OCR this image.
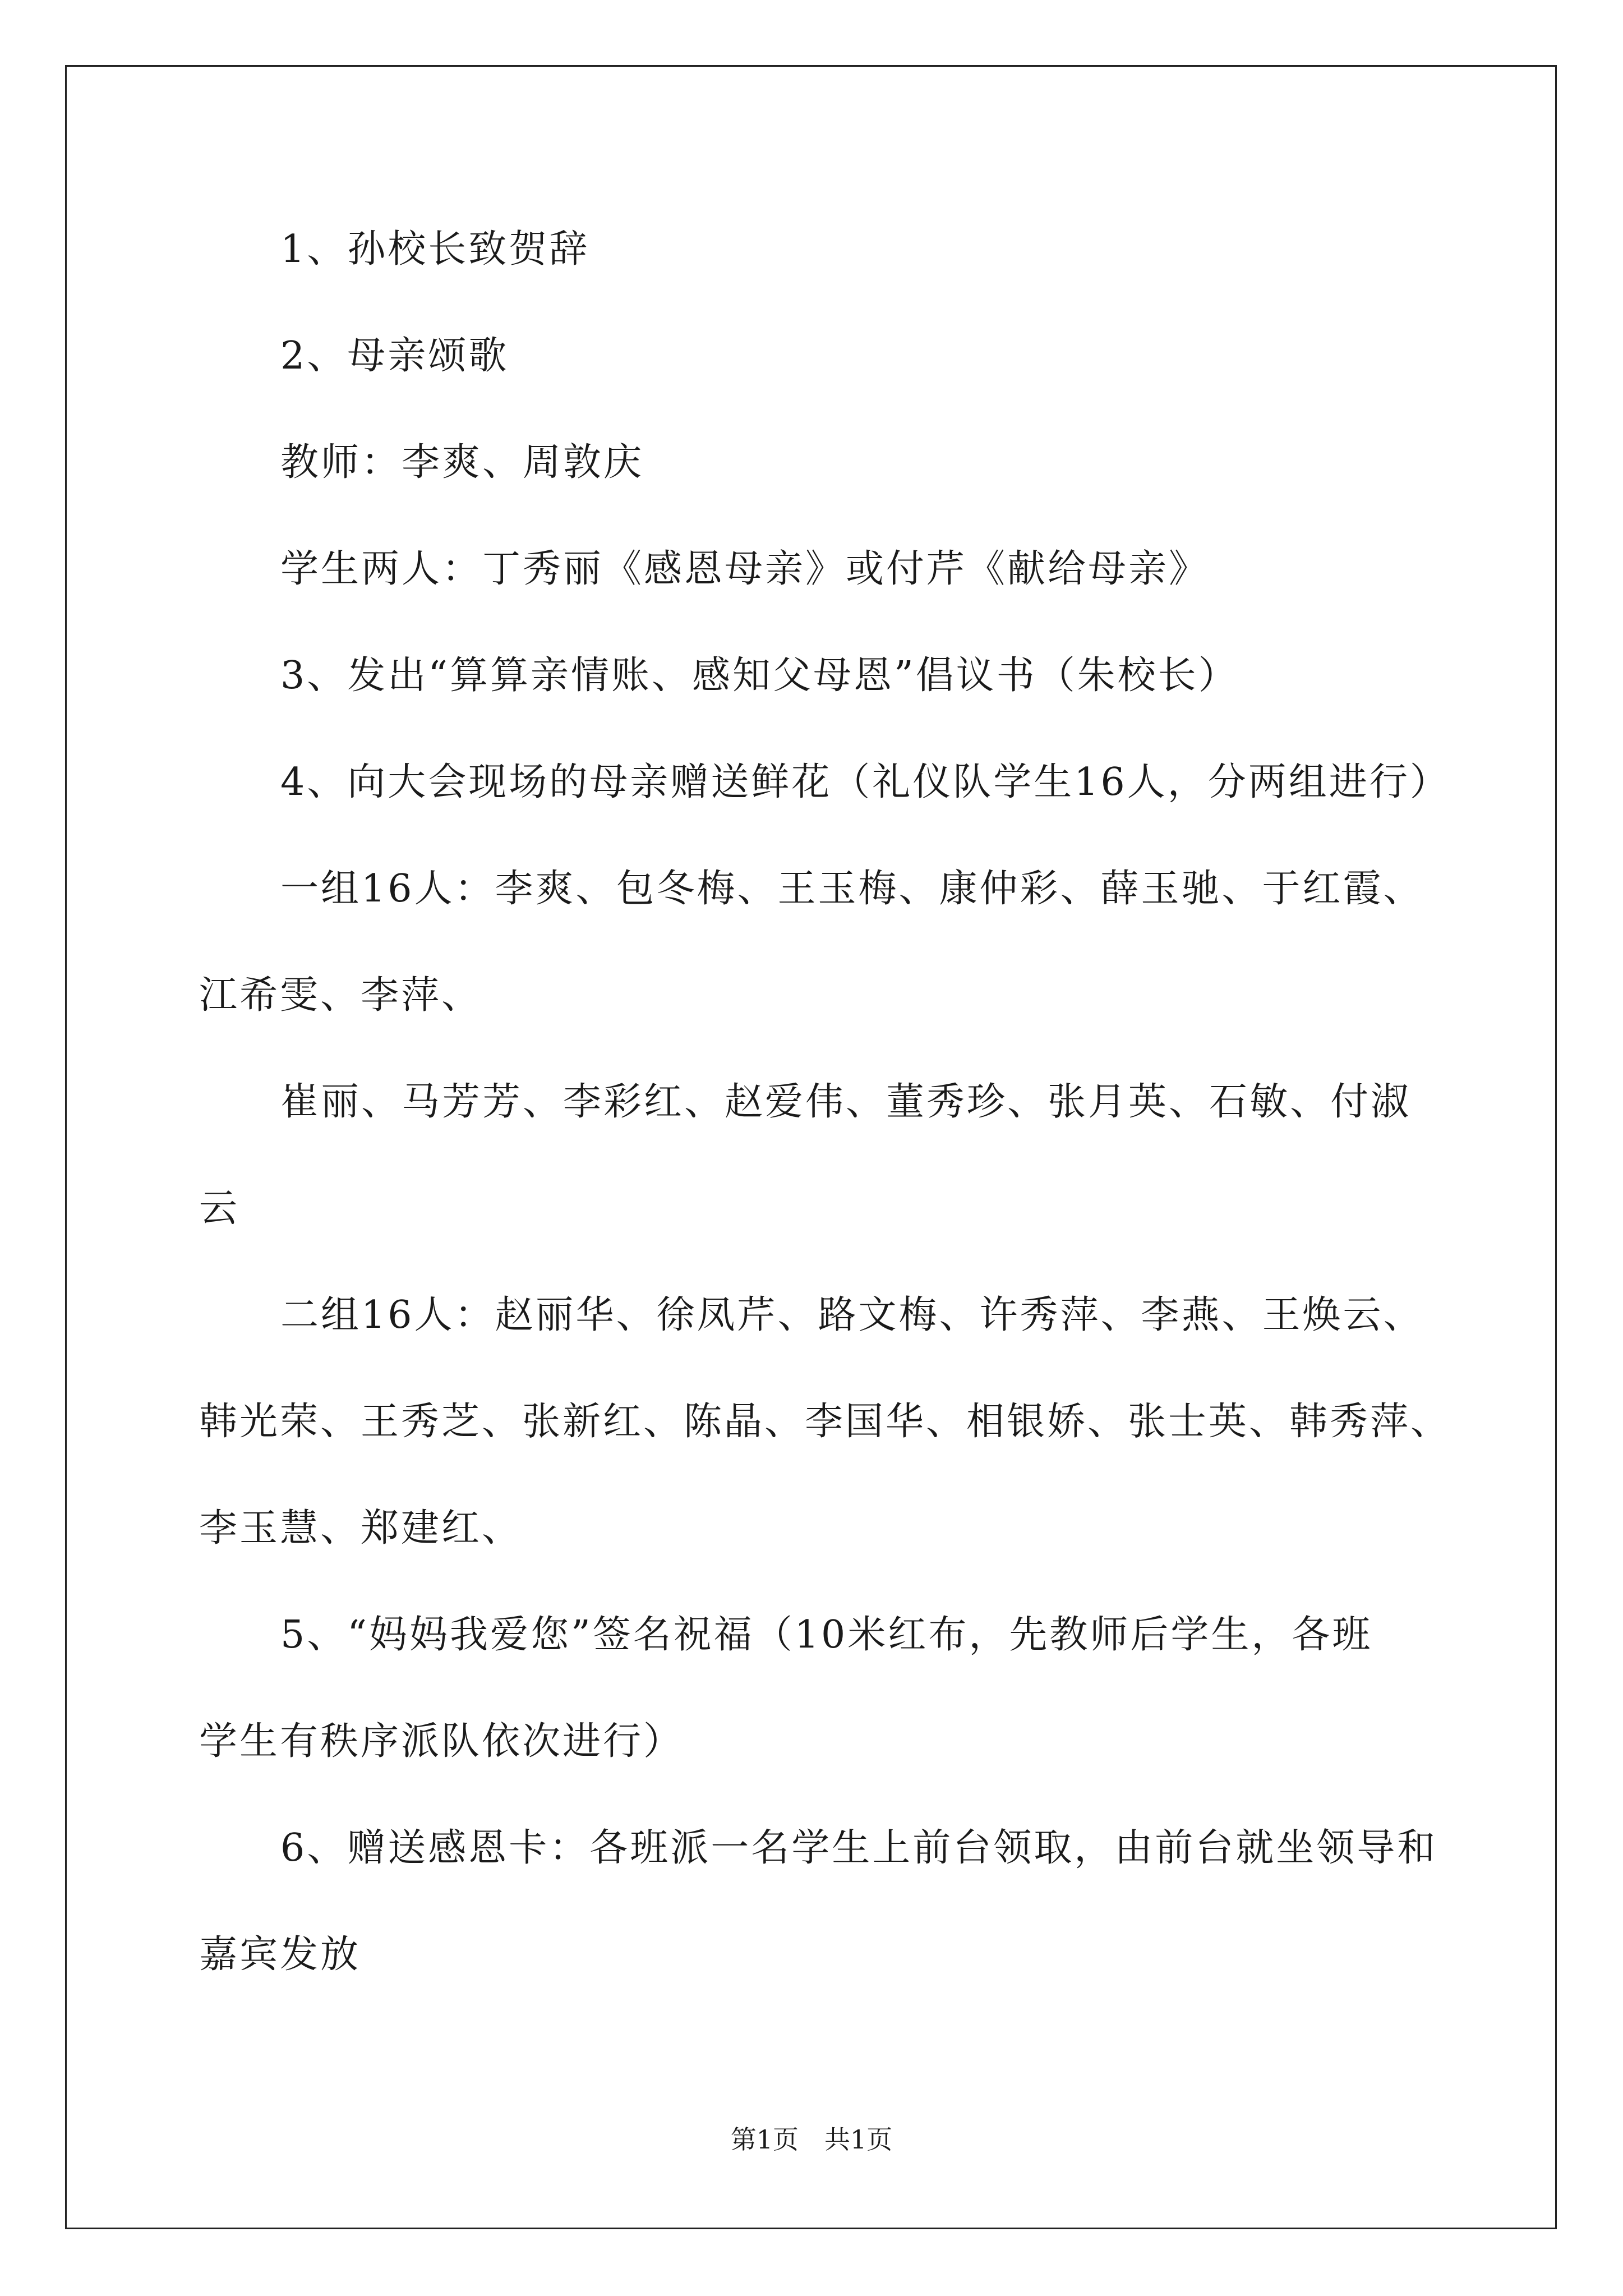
1、孙校长致贺辞
2、母亲颂歌
教师：李爽、周敦庆
学生两人：丁秀丽《感恩母亲》或付芹《献给母亲》
3、发出“算算亲情账、感知父母恩”倡议书（朱校长）
4、向大会现场的母亲赠送鲜花（礼仪队学生16人，分两组进行）
一组16人：李爽、包冬梅、王玉梅、康仲彩、薛玉驰、于红霞、
江希雯、李萍、
崔丽、马芳芳、李彩红、赵爱伟、董秀珍、张月英、石敏、付淑
云
二组16人：赵丽华、徐凤芹、路文梅、许秀萍、李燕、王焕云、
韩光荣、王秀芝、张新红、陈晶、李国华、相银娇、张士英、韩秀萍、
李玉慧、郑建红、
5、“妈妈我爱您”签名祝福（10米红布，先教师后学生，各班
学生有秩序派队依次进行）
6、赠送感恩卡：各班派一名学生上前台领取，由前台就坐领导和
嘉宾发放
第1页　共1页
